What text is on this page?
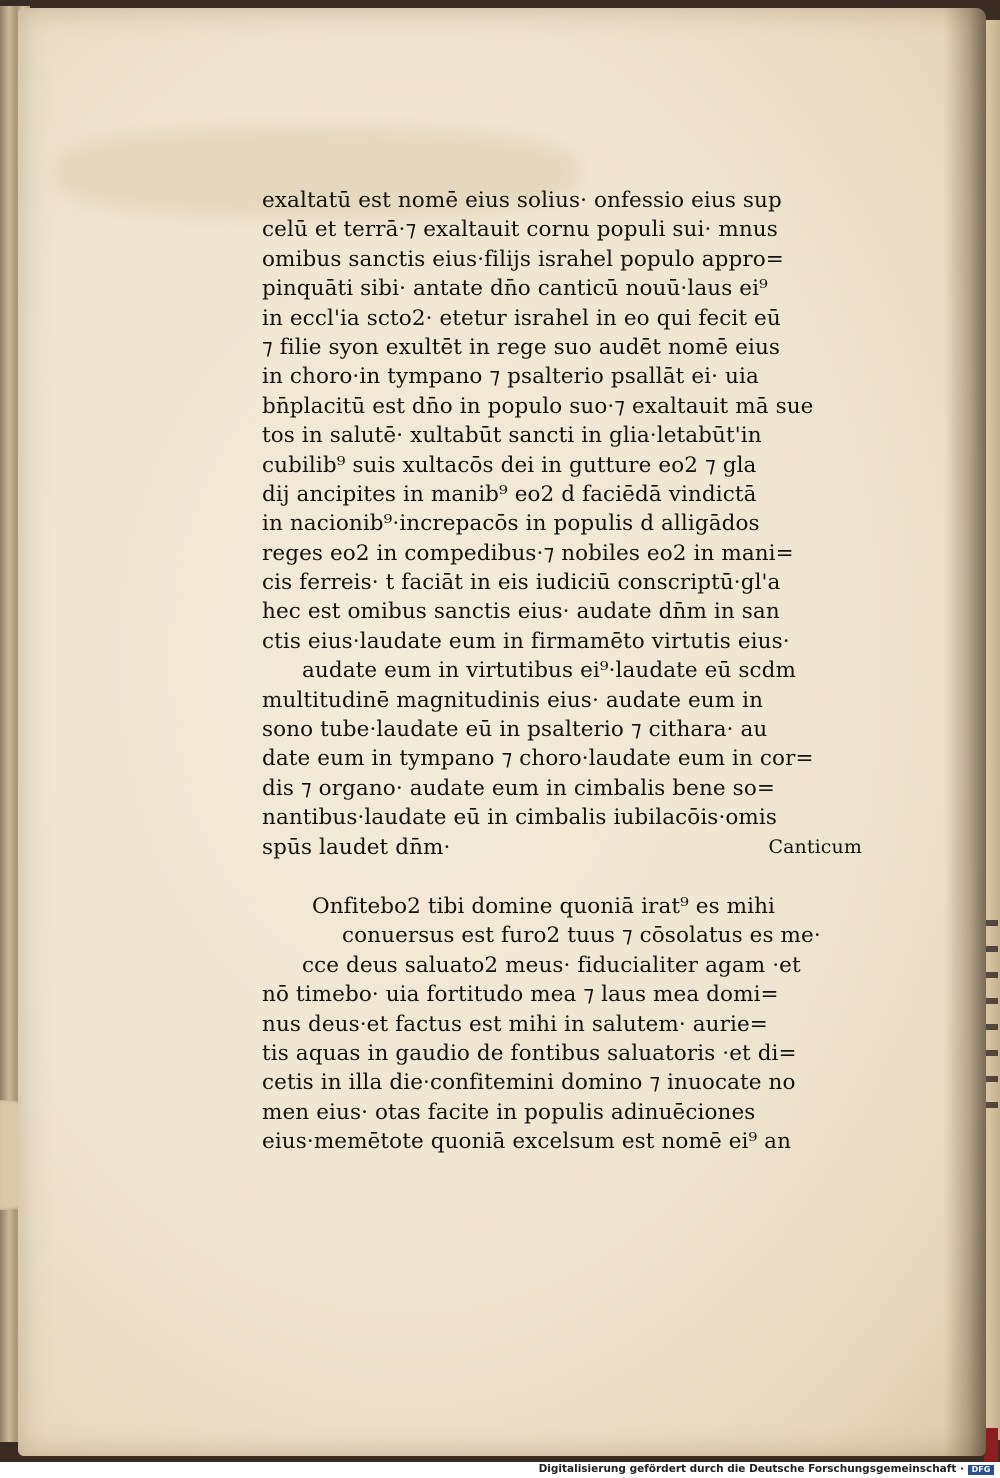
exaltatū est nomē eius solius· onfessio eius sup
celū et terrā·⁊ exaltauit cornu populi sui· mnus
omibus sanctis eius·filijs israhel populo appro=
pinquāti sibi· antate dn̄o canticū nouū·laus ei⁹
in eccl'ia scto2· etetur israhel in eo qui fecit eū
⁊ filie syon exultēt in rege suo audēt nomē eius
in choro·in tympano ⁊ psalterio psallāt ei· uia
bn̄placitū est dn̄o in populo suo·⁊ exaltauit mā sue
tos in salutē· xultabūt sancti in glia·letabūt'in
cubilib⁹ suis xultacōs dei in gutture eo2 ⁊ gla
dij ancipites in manib⁹ eo2 d faciēdā vindictā
in nacionib⁹·increpacōs in populis d alligādos
reges eo2 in compedibus·⁊ nobiles eo2 in mani=
cis ferreis· t faciāt in eis iudiciū conscriptū·gl'a
hec est omibus sanctis eius· audate dn̄m in san
ctis eius·laudate eum in firmamēto virtutis eius·
audate eum in virtutibus ei⁹·laudate eū scdm
multitudinē magnitudinis eius· audate eum in
sono tube·laudate eū in psalterio ⁊ cithara· au
date eum in tympano ⁊ choro·laudate eum in cor=
dis ⁊ organo· audate eum in cimbalis bene so=
nantibus·laudate eū in cimbalis iubilacōis·omis
spūs laudet dn̄m·	Canticum
Onfitebo2 tibi domine quoniā irat⁹ es mihi
conuersus est furo2 tuus ⁊ cōsolatus es me·
cce deus saluato2 meus· fiducialiter agam ·et
nō timebo· uia fortitudo mea ⁊ laus mea domi=
nus deus·et factus est mihi in salutem· aurie=
tis aquas in gaudio de fontibus saluatoris ·et di=
cetis in illa die·confitemini domino ⁊ inuocate no
men eius· otas facite in populis adinuēciones
eius·memētote quoniā excelsum est nomē ei⁹ an
Digitalisierung gefördert durch die Deutsche Forschungsgemeinschaft · DFG
